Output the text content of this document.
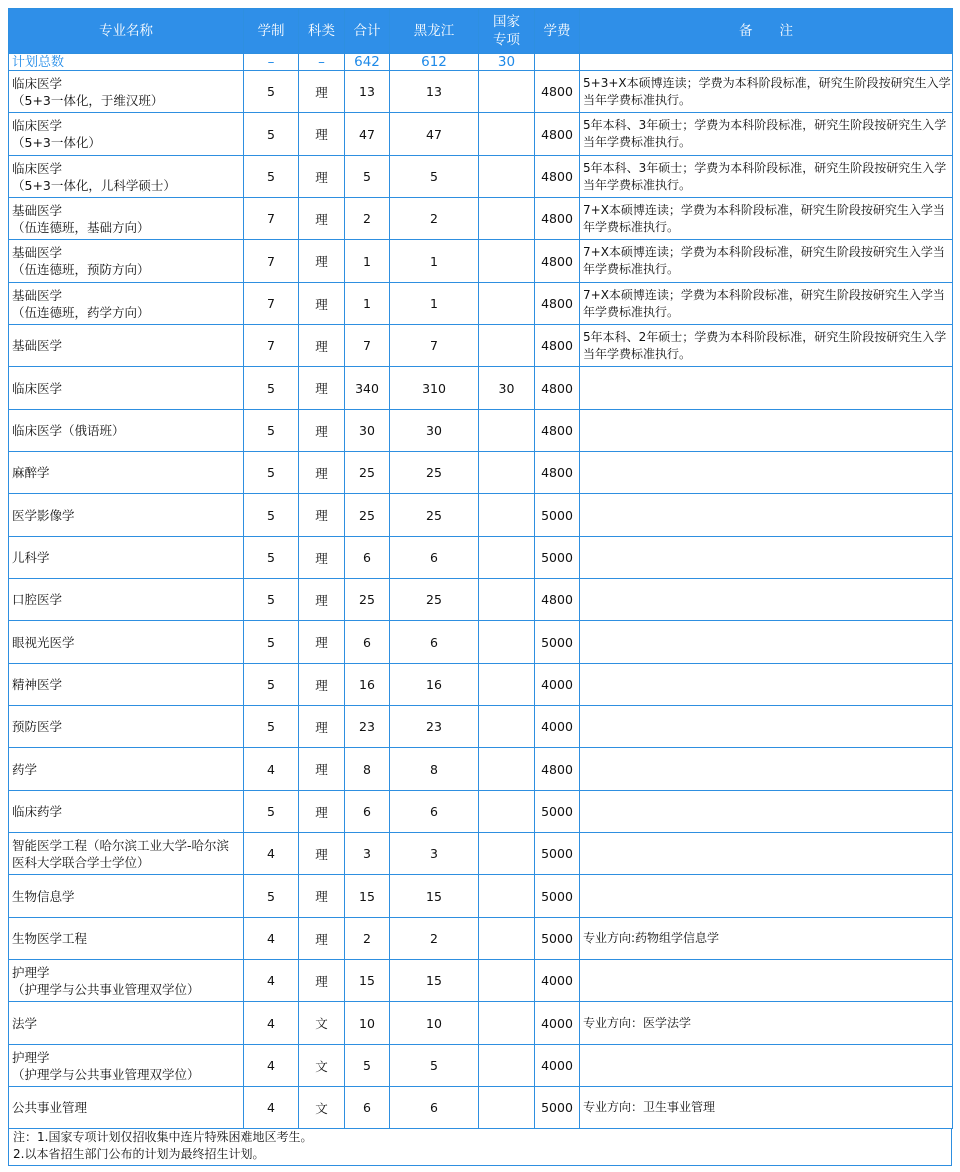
专业名称	学制	科类	合计	黑龙江	国家专项	学费	备　　注
计划总数	–	–	642	612	30		

临床医学
（5+3一体化，于维汉班）	5	理	13	13		4800	5+3+X本硕博连读；学费为本科阶段标准，研究生阶段按研究生入学当年学费标准执行。

临床医学
（5+3一体化）	5	理	47	47		4800	5年本科、3年硕士；学费为本科阶段标准，研究生阶段按研究生入学当年学费标准执行。

临床医学
（5+3一体化，儿科学硕士）	5	理	5	5		4800	5年本科、3年硕士；学费为本科阶段标准，研究生阶段按研究生入学当年学费标准执行。

基础医学
（伍连德班，基础方向）	7	理	2	2		4800	7+X本硕博连读；学费为本科阶段标准，研究生阶段按研究生入学当年学费标准执行。

基础医学
（伍连德班，预防方向）	7	理	1	1		4800	7+X本硕博连读；学费为本科阶段标准，研究生阶段按研究生入学当年学费标准执行。

基础医学
（伍连德班，药学方向）	7	理	1	1		4800	7+X本硕博连读；学费为本科阶段标准，研究生阶段按研究生入学当年学费标准执行。

基础医学	7	理	7	7		4800	5年本科、2年硕士；学费为本科阶段标准，研究生阶段按研究生入学当年学费标准执行。

临床医学	5	理	340	310	30	4800	

临床医学（俄语班）	5	理	30	30		4800	

麻醉学	5	理	25	25		4800	

医学影像学	5	理	25	25		5000	

儿科学	5	理	6	6		5000	

口腔医学	5	理	25	25		4800	

眼视光医学	5	理	6	6		5000	

精神医学	5	理	16	16		4000	

预防医学	5	理	23	23		4000	

药学	4	理	8	8		4800	

临床药学	5	理	6	6		5000	

智能医学工程（哈尔滨工业大学-哈尔滨
医科大学联合学士学位）	4	理	3	3		5000	

生物信息学	5	理	15	15		5000	

生物医学工程	4	理	2	2		5000	专业方向:药物组学信息学

护理学
（护理学与公共事业管理双学位）	4	理	15	15		4000	

法学	4	文	10	10		4000	专业方向：医学法学

护理学
（护理学与公共事业管理双学位）	4	文	5	5		4000	

公共事业管理	4	文	6	6		5000	专业方向：卫生事业管理
注：1.国家专项计划仅招收集中连片特殊困难地区考生。
2.以本省招生部门公布的计划为最终招生计划。
